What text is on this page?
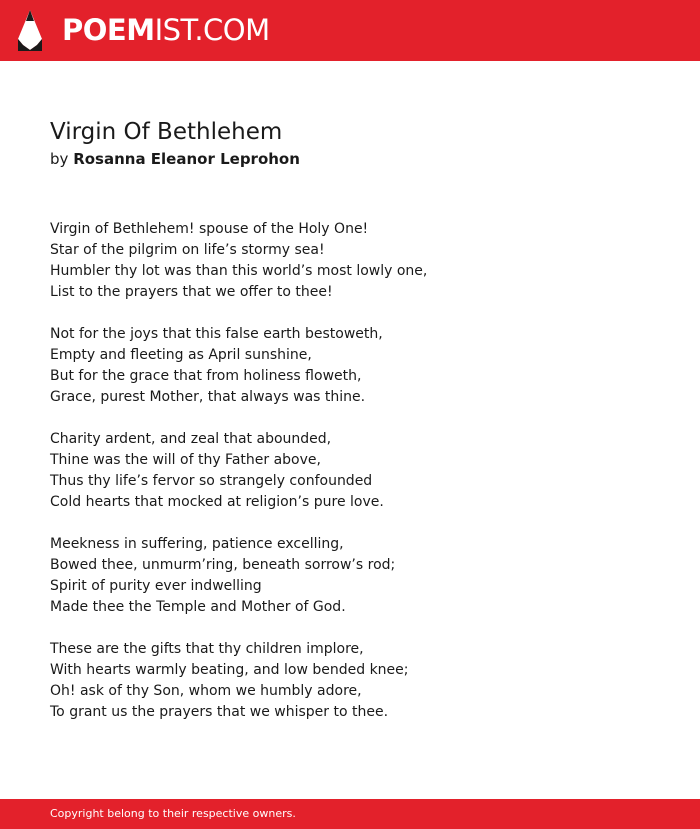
POEMIST.COM
Virgin Of Bethlehem
by Rosanna Eleanor Leprohon
Virgin of Bethlehem! spouse of the Holy One!
Star of the pilgrim on life’s stormy sea!
Humbler thy lot was than this world’s most lowly one,
List to the prayers that we offer to thee!
Not for the joys that this false earth bestoweth,
Empty and fleeting as April sunshine,
But for the grace that from holiness floweth,
Grace, purest Mother, that always was thine.
Charity ardent, and zeal that abounded,
Thine was the will of thy Father above,
Thus thy life’s fervor so strangely confounded
Cold hearts that mocked at religion’s pure love.
Meekness in suffering, patience excelling,
Bowed thee, unmurm’ring, beneath sorrow’s rod;
Spirit of purity ever indwelling
Made thee the Temple and Mother of God.
These are the gifts that thy children implore,
With hearts warmly beating, and low bended knee;
Oh! ask of thy Son, whom we humbly adore,
To grant us the prayers that we whisper to thee.
Copyright belong to their respective owners.
